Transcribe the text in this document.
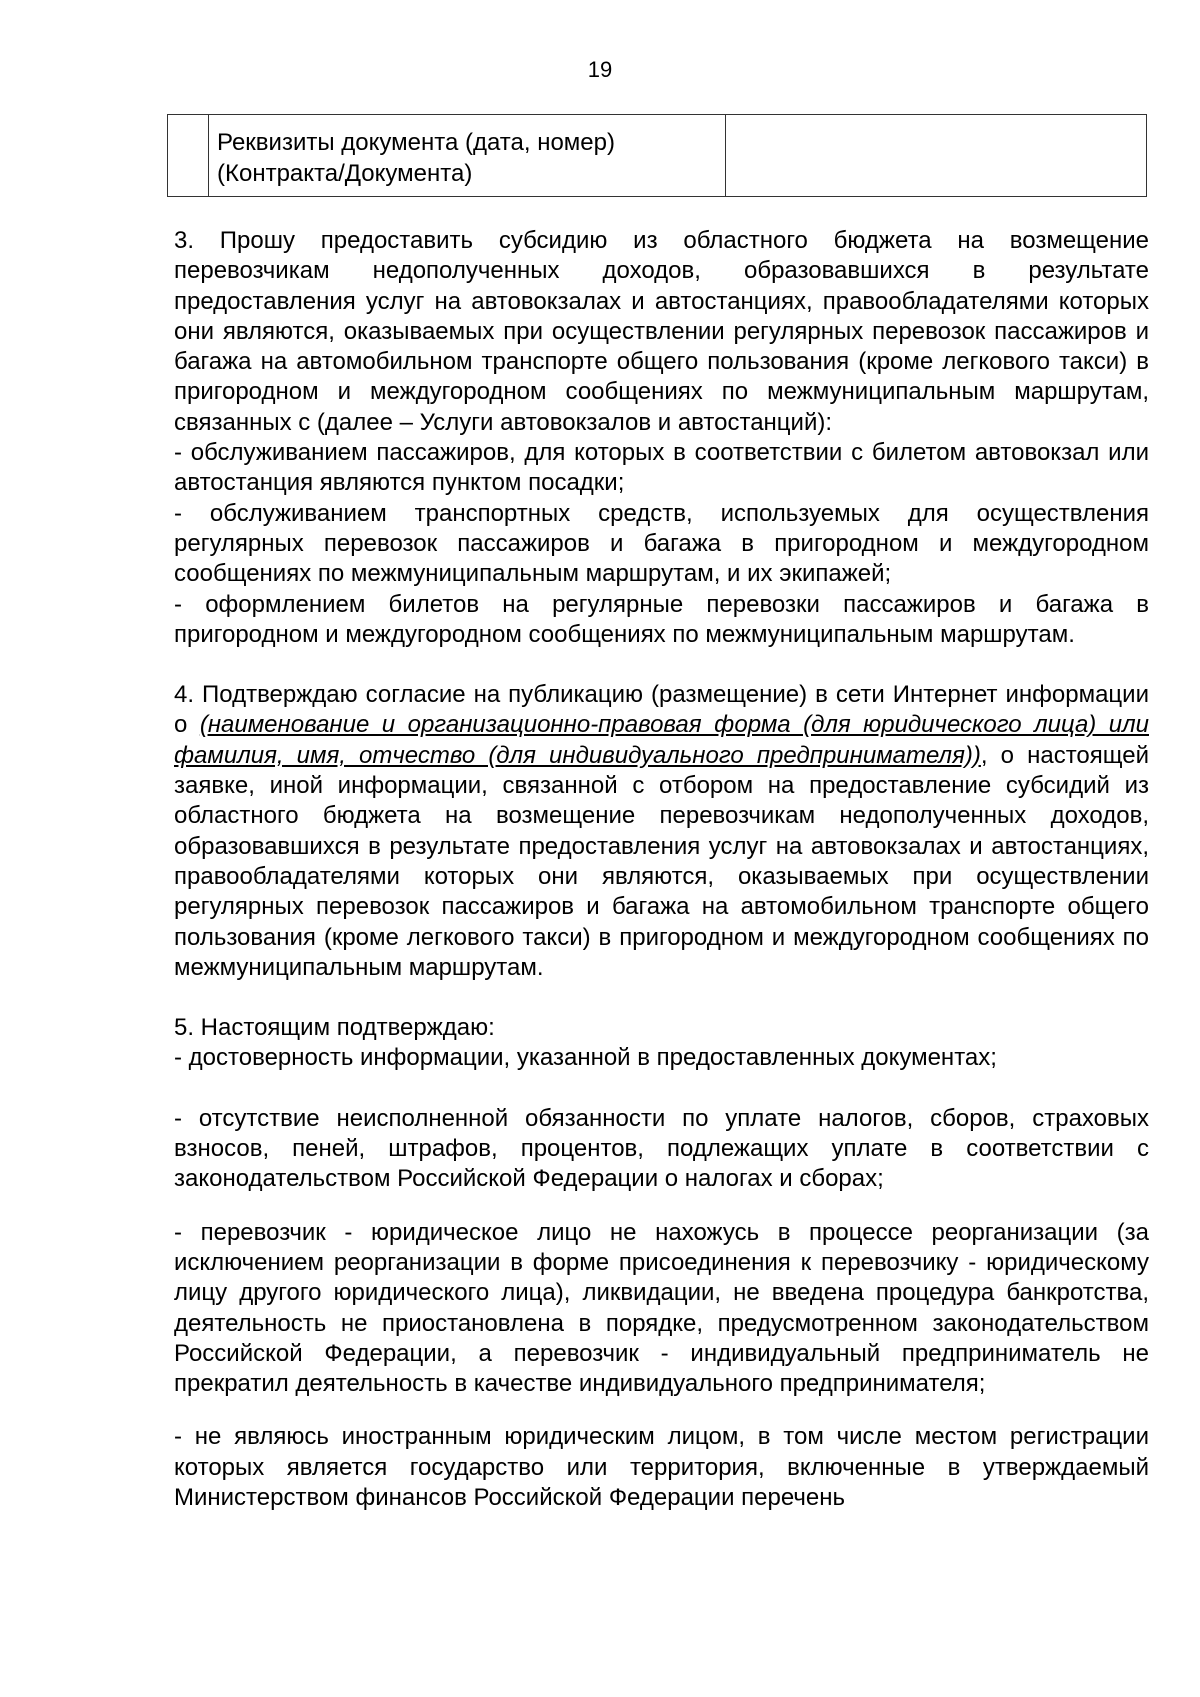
19

Реквизиты документа (дата, номер)
(Контракта/Документа)

3. Прошу предоставить субсидию из областного бюджета на возмещение перевозчикам недополученных доходов, образовавшихся в результате предоставления услуг на автовокзалах и автостанциях, правообладателями которых они являются, оказываемых при осуществлении регулярных перевозок пассажиров и багажа на автомобильном транспорте общего пользования (кроме легкового такси) в пригородном и междугородном сообщениях по межмуниципальным маршрутам, связанных с (далее – Услуги автовокзалов и автостанций):

- обслуживанием пассажиров, для которых в соответствии с билетом автовокзал или автостанция являются пунктом посадки;

- обслуживанием транспортных средств, используемых для осуществления регулярных перевозок пассажиров и багажа в пригородном и междугородном сообщениях по межмуниципальным маршрутам, и их экипажей;

- оформлением билетов на регулярные перевозки пассажиров и багажа в пригородном и междугородном сообщениях по межмуниципальным маршрутам.

4. Подтверждаю согласие на публикацию (размещение) в сети Интернет информации о (наименование и организационно-правовая форма (для юридического лица) или фамилия, имя, отчество (для индивидуального предпринимателя)), о настоящей заявке, иной информации, связанной с отбором на предоставление субсидий из областного бюджета на возмещение перевозчикам недополученных доходов, образовавшихся в результате предоставления услуг на автовокзалах и автостанциях, правообладателями которых они являются, оказываемых при осуществлении регулярных перевозок пассажиров и багажа на автомобильном транспорте общего пользования (кроме легкового такси) в пригородном и междугородном сообщениях по межмуниципальным маршрутам.

5. Настоящим подтверждаю:

- достоверность информации, указанной в предоставленных документах;

- отсутствие неисполненной обязанности по уплате налогов, сборов, страховых взносов, пеней, штрафов, процентов, подлежащих уплате в соответствии с законодательством Российской Федерации о налогах и сборах;

- перевозчик - юридическое лицо не нахожусь в процессе реорганизации (за исключением реорганизации в форме присоединения к перевозчику - юридическому лицу другого юридического лица), ликвидации, не введена процедура банкротства, деятельность не приостановлена в порядке, предусмотренном законодательством Российской Федерации, а перевозчик - индивидуальный предприниматель не прекратил деятельность в качестве индивидуального предпринимателя;

- не являюсь иностранным юридическим лицом, в том числе местом регистрации которых является государство или территория, включенные в утверждаемый Министерством финансов Российской Федерации перечень
